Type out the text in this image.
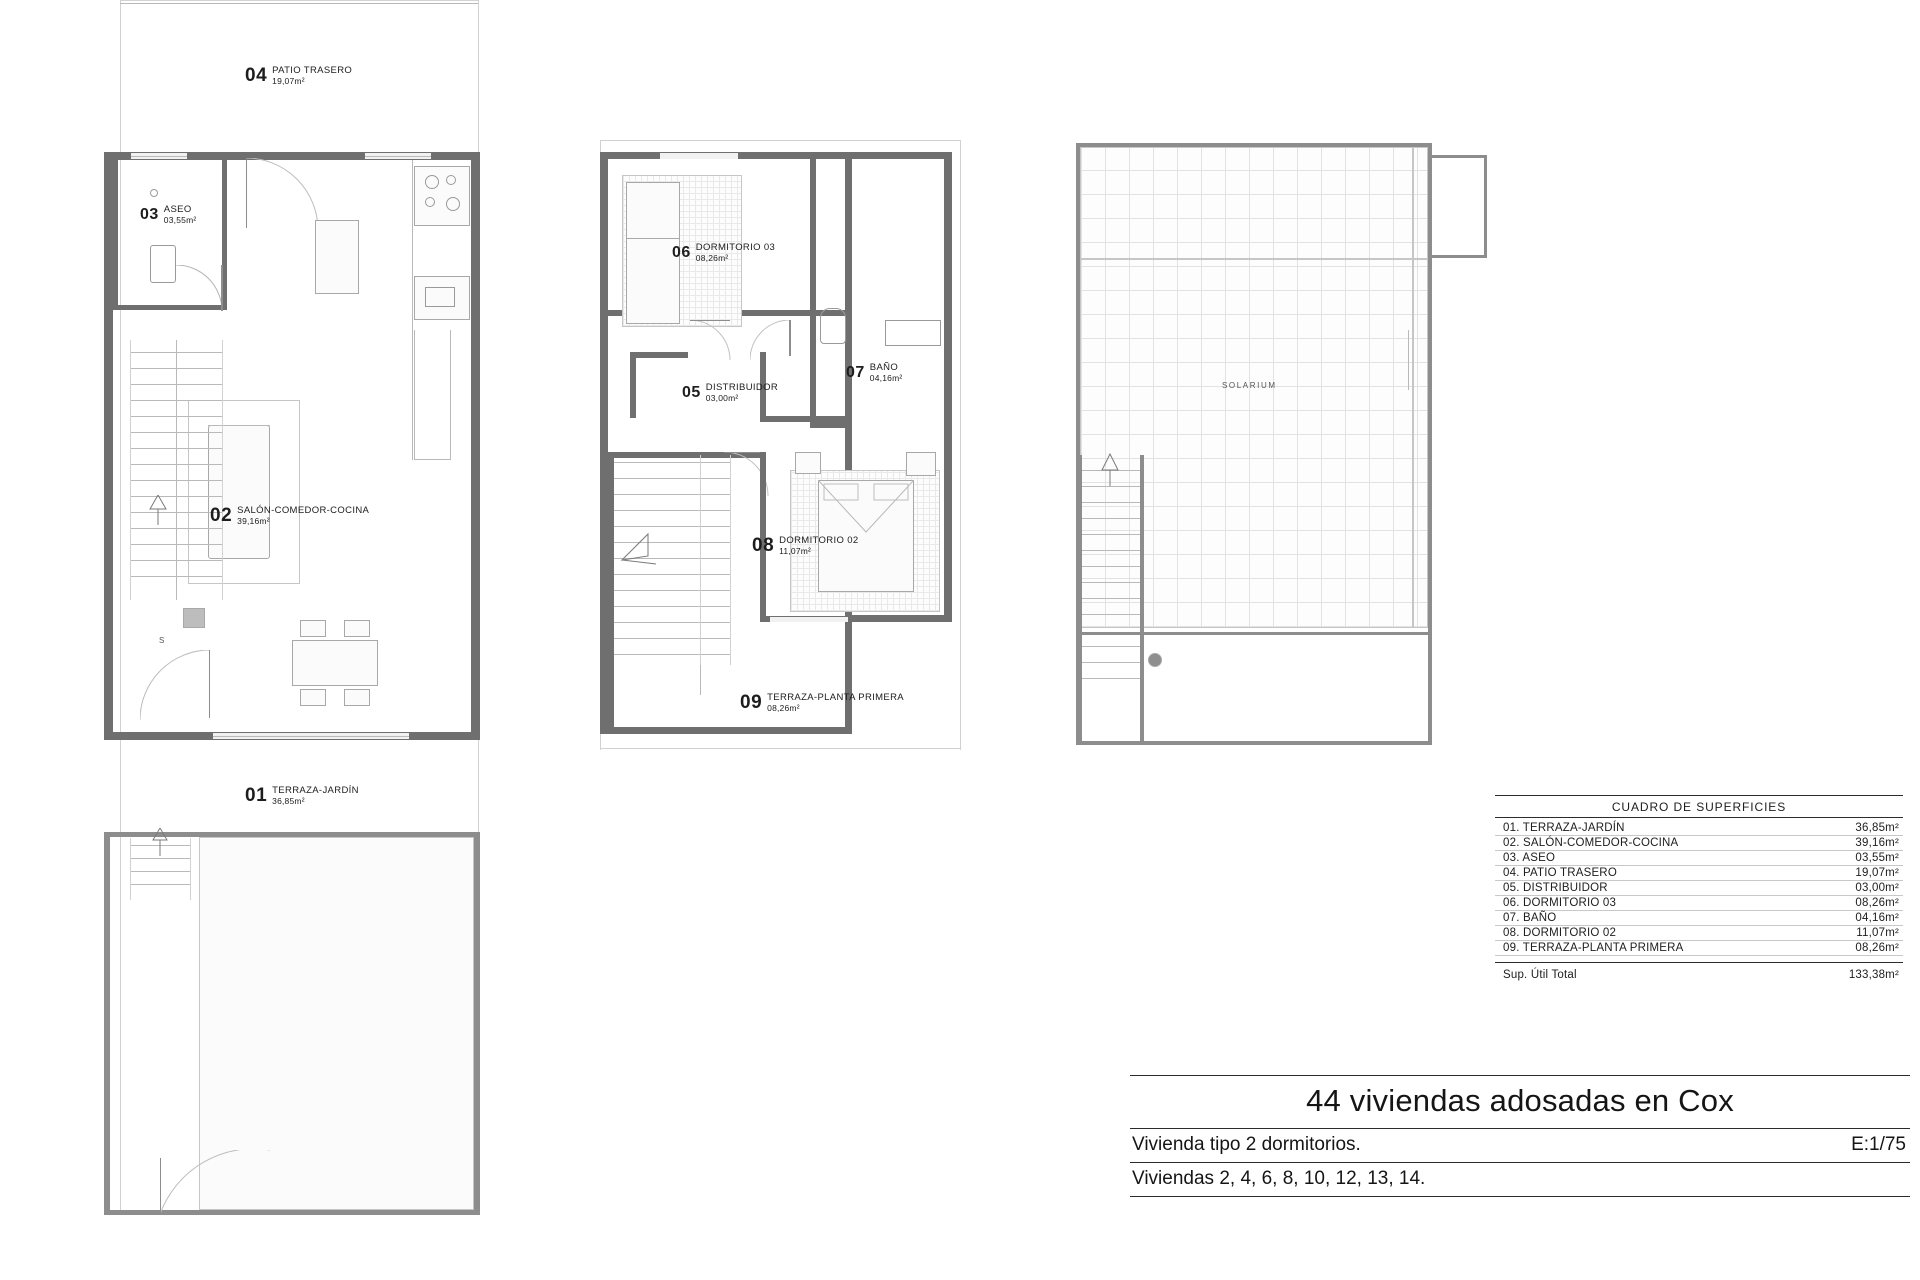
04 PATIO TRASERO
19,07m²
03 ASEO
03,55m²
S
02 SALÓN-COMEDOR-COCINA
39,16m²
01 TERRAZA-JARDÍN
36,85m²
06 DORMITORIO 03
08,26m²
07 BAÑO
04,16m²
05 DISTRIBUIDOR
03,00m²
08 DORMITORIO 02
11,07m²
09 TERRAZA-PLANTA PRIMERA
08,26m²
SOLARIUM
CUADRO DE SUPERFICIES
01. TERRAZA-JARDÍN	36,85m²
02. SALÓN-COMEDOR-COCINA	39,16m²
03. ASEO	03,55m²
04. PATIO TRASERO	19,07m²
05. DISTRIBUIDOR	03,00m²
06. DORMITORIO 03	08,26m²
07. BAÑO	04,16m²
08. DORMITORIO 02	11,07m²
09. TERRAZA-PLANTA PRIMERA	08,26m²

Sup. Útil Total	133,38m²
44 viviendas adosadas en Cox
Vivienda tipo 2 dormitorios.	E:1/75
Viviendas 2, 4, 6, 8, 10, 12, 13, 14.
